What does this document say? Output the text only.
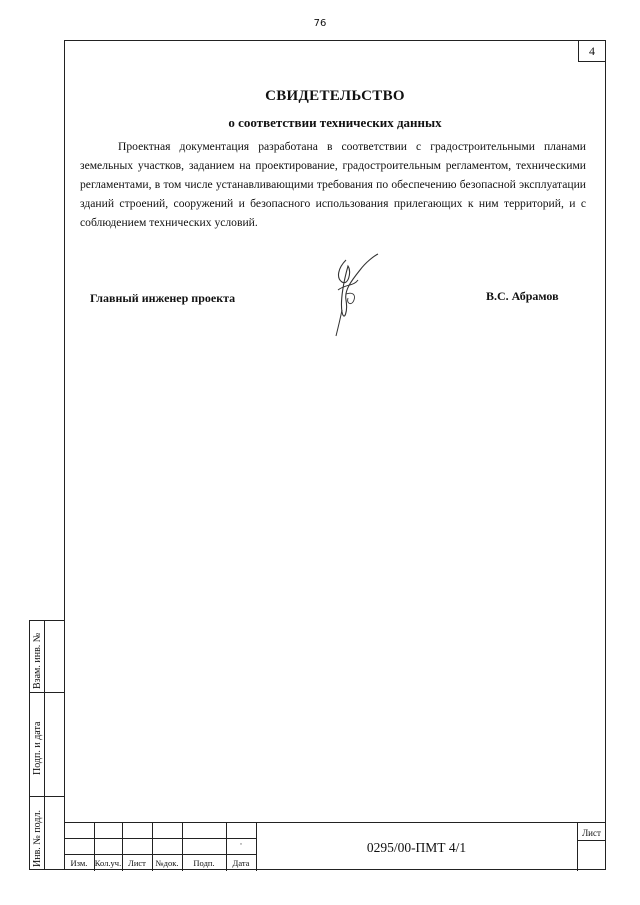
76
4
СВИДЕТЕЛЬСТВО
о соответствии технических данных
Проектная документация разработана в соответствии с градостроительными планами земельных участков, заданием на проектирование, градостроительным регламентом, техническими регламентами, в том числе устанавливающими требования по обеспечению безопасной эксплуатации зданий строений, сооружений и безопасного использования прилегающих к ним территорий, и с соблюдением технических условий.
Главный инженер проекта	В.С. Абрамов
Взам. инв. №
Подп. и дата
Инв. № подл.	Изм. Кол.уч. Лист	№док.	Подп.	Дата
·	0295/00-ПМТ 4/1
Лист
